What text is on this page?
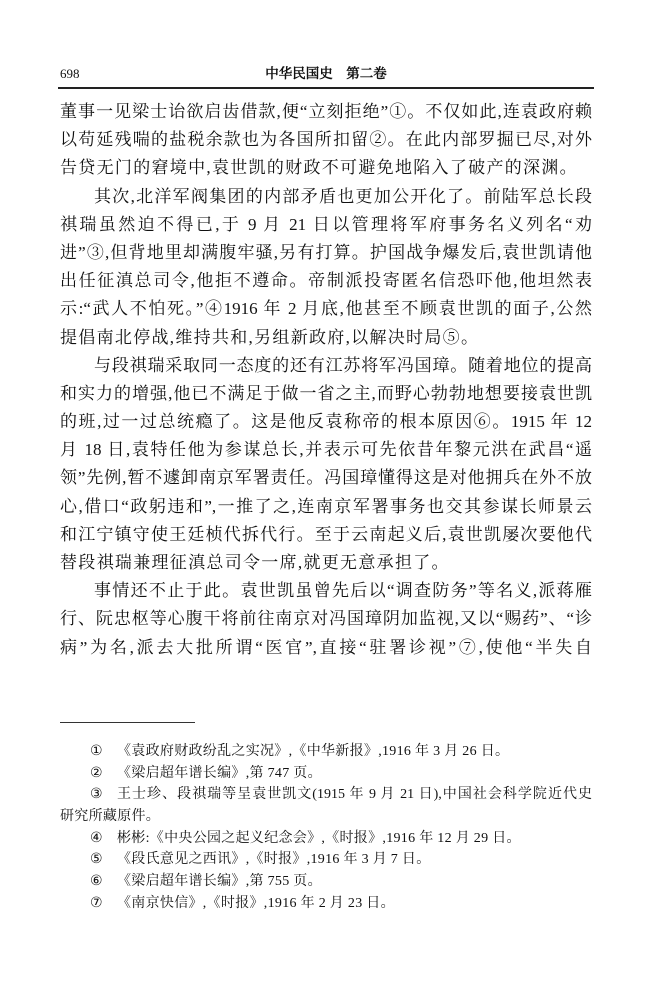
698	中华民国史　第二卷
董事一见梁士诒欲启齿借款,便“立刻拒绝”①。不仅如此,连袁政府赖
以苟延残喘的盐税余款也为各国所扣留②。在此内部罗掘已尽,对外
告贷无门的窘境中,袁世凯的财政不可避免地陷入了破产的深渊。
其次,北洋军阀集团的内部矛盾也更加公开化了。前陆军总长段
祺瑞虽然迫不得已,于 9 月 21 日以管理将军府事务名义列名“劝
进”③,但背地里却满腹牢骚,另有打算。护国战争爆发后,袁世凯请他
出任征滇总司令,他拒不遵命。帝制派投寄匿名信恐吓他,他坦然表
示:“武人不怕死。”④1916 年 2 月底,他甚至不顾袁世凯的面子,公然
提倡南北停战,维持共和,另组新政府,以解决时局⑤。
与段祺瑞采取同一态度的还有江苏将军冯国璋。随着地位的提高
和实力的增强,他已不满足于做一省之主,而野心勃勃地想要接袁世凯
的班,过一过总统瘾了。这是他反袁称帝的根本原因⑥。1915 年 12
月 18 日,袁特任他为参谋总长,并表示可先依昔年黎元洪在武昌“遥
领”先例,暂不遽卸南京军署责任。冯国璋懂得这是对他拥兵在外不放
心,借口“政躬违和”,一推了之,连南京军署事务也交其参谋长师景云
和江宁镇守使王廷桢代拆代行。至于云南起义后,袁世凯屡次要他代
替段祺瑞兼理征滇总司令一席,就更无意承担了。
事情还不止于此。袁世凯虽曾先后以“调查防务”等名义,派蒋雁
行、阮忠枢等心腹干将前往南京对冯国璋阴加监视,又以“赐药”、“诊
病”为名,派去大批所谓“医官”,直接“驻署诊视”⑦,使他“半失自
① 《袁政府财政纷乱之实况》,《中华新报》,1916 年 3 月 26 日。
② 《梁启超年谱长编》,第 747 页。
③ 王士珍、段祺瑞等呈袁世凯文(1915 年 9 月 21 日),中国社会科学院近代史
研究所藏原件。
④ 彬彬:《中央公园之起义纪念会》,《时报》,1916 年 12 月 29 日。
⑤ 《段氏意见之西讯》,《时报》,1916 年 3 月 7 日。
⑥ 《梁启超年谱长编》,第 755 页。
⑦ 《南京快信》,《时报》,1916 年 2 月 23 日。
